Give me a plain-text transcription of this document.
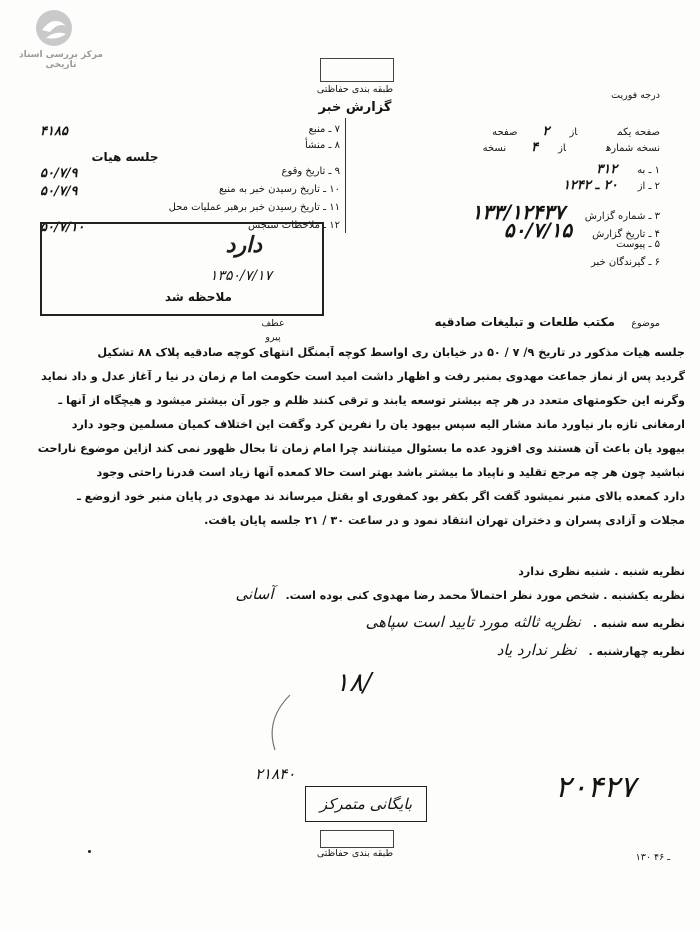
مرکز بررسی اسناد تاریخی
طبقه بندی حفاظتی
گزارش خبر
درجه فوریت
صفحه یکماز۲صفحه
نسخه شمارهاز۴نسخه
۱ ـ به۳۱۲
۲ ـ از۲۰ ـ ۱۲۴۲
۳ ـ شماره گزارش۱۳۳/۱۲۴۳۷
۴ ـ تاریخ گزارش۵۰/۷/۱۵
۵ ـ پیوست
۶ ـ گیرندگان خبر
۷ ـ منبع
۴۱۸۵
۸ ـ منشأ
۹ ـ تاریخ وقوع
۵۰/۷/۹
۱۰ ـ تاریخ رسیدن خبر به منبع
۵۰/۷/۹
۱۱ ـ تاریخ رسیدن خبر برهبر عملیات محل
۱۲ ـ ملاحظات سنجش
۵۰/۷/۱۰
جلسه هیات
دارد
۱۳۵۰/۷/۱۷
ملاحظه شد
عطف
پیرو
موضوع
مکتب طلعات و تبلیغات صادقیه
جلسه هیات مذکور در تاریخ ۹/ ۷ / ۵۰ در خیابان ری اواسط کوچه آبمنگل انتهای کوچه صادقیه پلاک ۸۸ تشکیل
گردید پس از نماز جماعت مهدوی بمنبر رفت و اظهار داشت امید است حکومت اما م زمان در نیا ر آغاز عدل و داد نماید
وگرنه این حکومتهای متعدد در هر چه بیشتر توسعه یابند و ترقی کنند ظلم و جور آن بیشتر میشود و هیچگاه از آنها ـ
ارمغانی تازه بار نیاورد ماند مشار الیه سپس بیهود یان را نفرین کرد وگفت این اختلاف کمیان مسلمین وجود دارد
بیهود یان باعث آن هستند وی افزود عده ما بسئوال میتنانند چرا امام زمان تا بحال ظهور نمی کند ازاین موضوع ناراحت
نباشید چون هر چه مرجع تقلید و ناپیاد ما بیشتر باشد بهتر است حالا کمعده آنها زیاد است قدرنا راحتی وجود
دارد کمعده بالای منبر نمیشود گفت اگر بکفر بود کمفوری او بقتل میرساند ند مهدوی در پایان منبر خود ازوضع ـ
مجلات و آزادی پسران و دختران تهران انتقاد نمود و در ساعت ۳۰ / ۲۱ جلسه پایان یافت.
نظریه شنبه . شنبه نظری ندارد
نظریه یکشنبه . شخص مورد نظر احتمالاً محمد رضا مهدوی کنی بوده است.آسانی
نظریه سه شنبه .نظریه ثالثه مورد تایید است سپاهی
نظریه چهارشنبه .نظر ندارد یاد
۱۸/
۲۱۸۴۰	۲۰۴۲۷
بایگانی متمرکز
طبقه بندی حفاظتی	۱۳۰ ـ ۴۶
